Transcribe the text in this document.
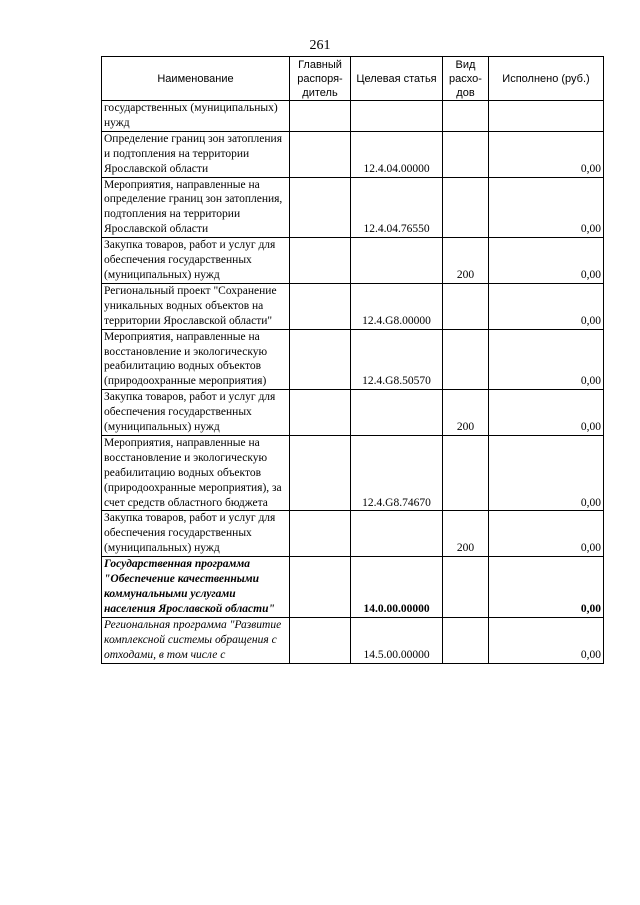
261
Наименование	Главный распоря-дитель	Целевая статья	Вид расхо-дов	Исполнено (руб.)
государственных (муниципальных) нужд				
Определение границ зон затопления и подтопления на территории Ярославской области		12.4.04.00000		0,00
Мероприятия, направленные на определение границ зон затопления, подтопления на территории Ярославской области		12.4.04.76550		0,00
Закупка товаров, работ и услуг для обеспечения государственных (муниципальных) нужд			200	0,00
Региональный проект "Сохранение уникальных водных объектов на территории Ярославской области"		12.4.G8.00000		0,00
Мероприятия, направленные на восстановление и экологическую реабилитацию водных объектов (природоохранные мероприятия)		12.4.G8.50570		0,00
Закупка товаров, работ и услуг для обеспечения государственных (муниципальных) нужд			200	0,00
Мероприятия, направленные на восстановление и экологическую реабилитацию водных объектов (природоохранные мероприятия), за счет средств областного бюджета		12.4.G8.74670		0,00
Закупка товаров, работ и услуг для обеспечения государственных (муниципальных) нужд			200	0,00
Государственная программа "Обеспечение качественными коммунальными услугами населения Ярославской области"		14.0.00.00000		0,00
Региональная программа "Развитие комплексной системы обращения с отходами, в том числе с		14.5.00.00000		0,00
